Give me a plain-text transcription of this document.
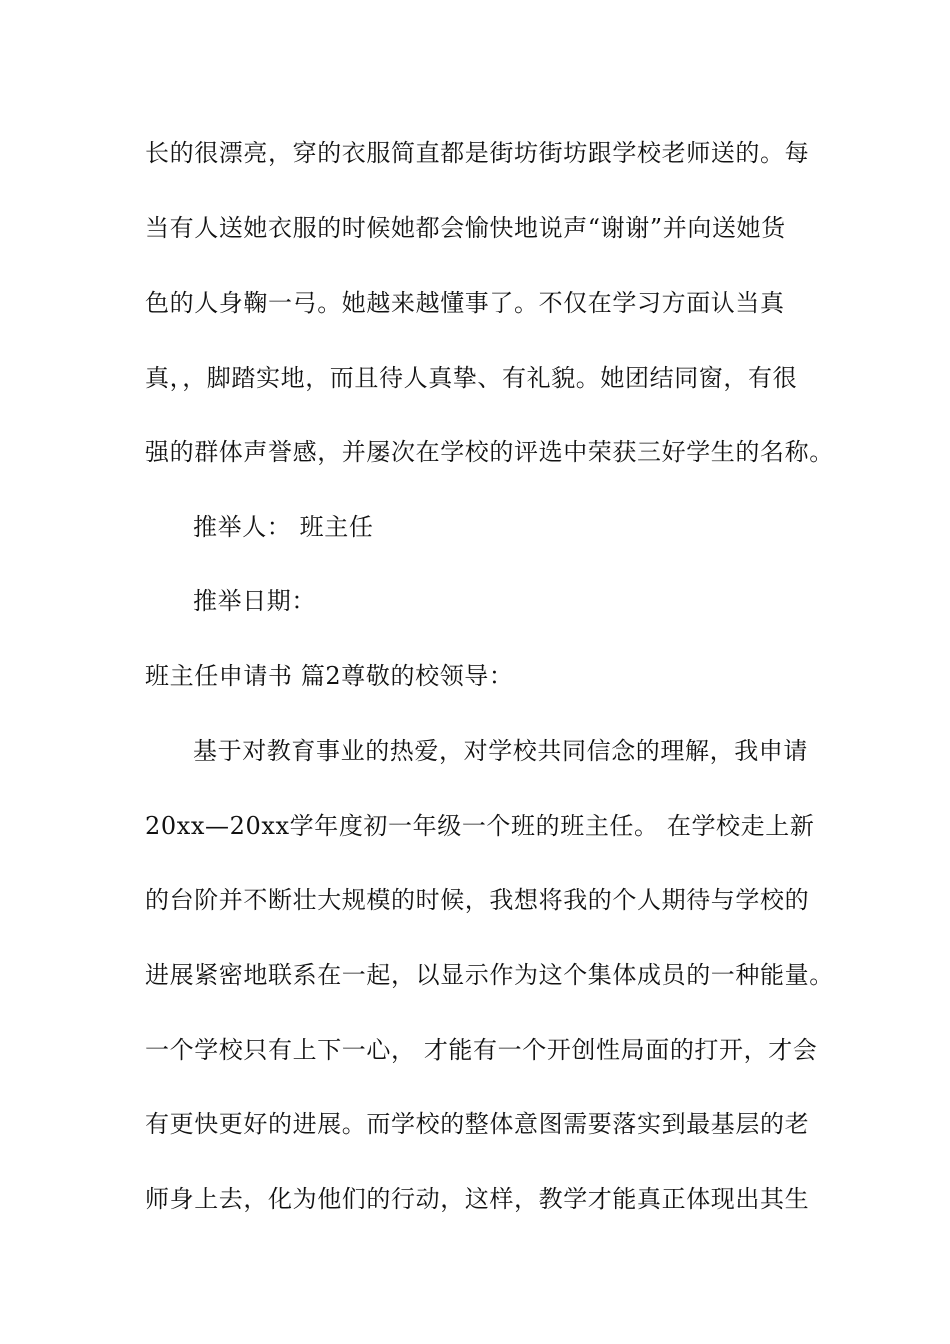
长的很漂亮，穿的衣服简直都是街坊街坊跟学校老师送的。每
当有人送她衣服的时候她都会愉快地说声“谢谢”并向送她货
色的人身鞠一弓。她越来越懂事了。不仅在学习方面认当真
真，，脚踏实地，而且待人真挚、有礼貌。她团结同窗，有很
强的群体声誉感，并屡次在学校的评选中荣获三好学生的名称。
推举人： 班主任
推举日期：
班主任申请书 篇2尊敬的校领导：
基于对教育事业的热爱，对学校共同信念的理解，我申请
20xx—20xx学年度初一年级一个班的班主任。 在学校走上新
的台阶并不断壮大规模的时候，我想将我的个人期待与学校的
进展紧密地联系在一起，以显示作为这个集体成员的一种能量。
一个学校只有上下一心， 才能有一个开创性局面的打开，才会
有更快更好的进展。而学校的整体意图需要落实到最基层的老
师身上去，化为他们的行动，这样，教学才能真正体现出其生
